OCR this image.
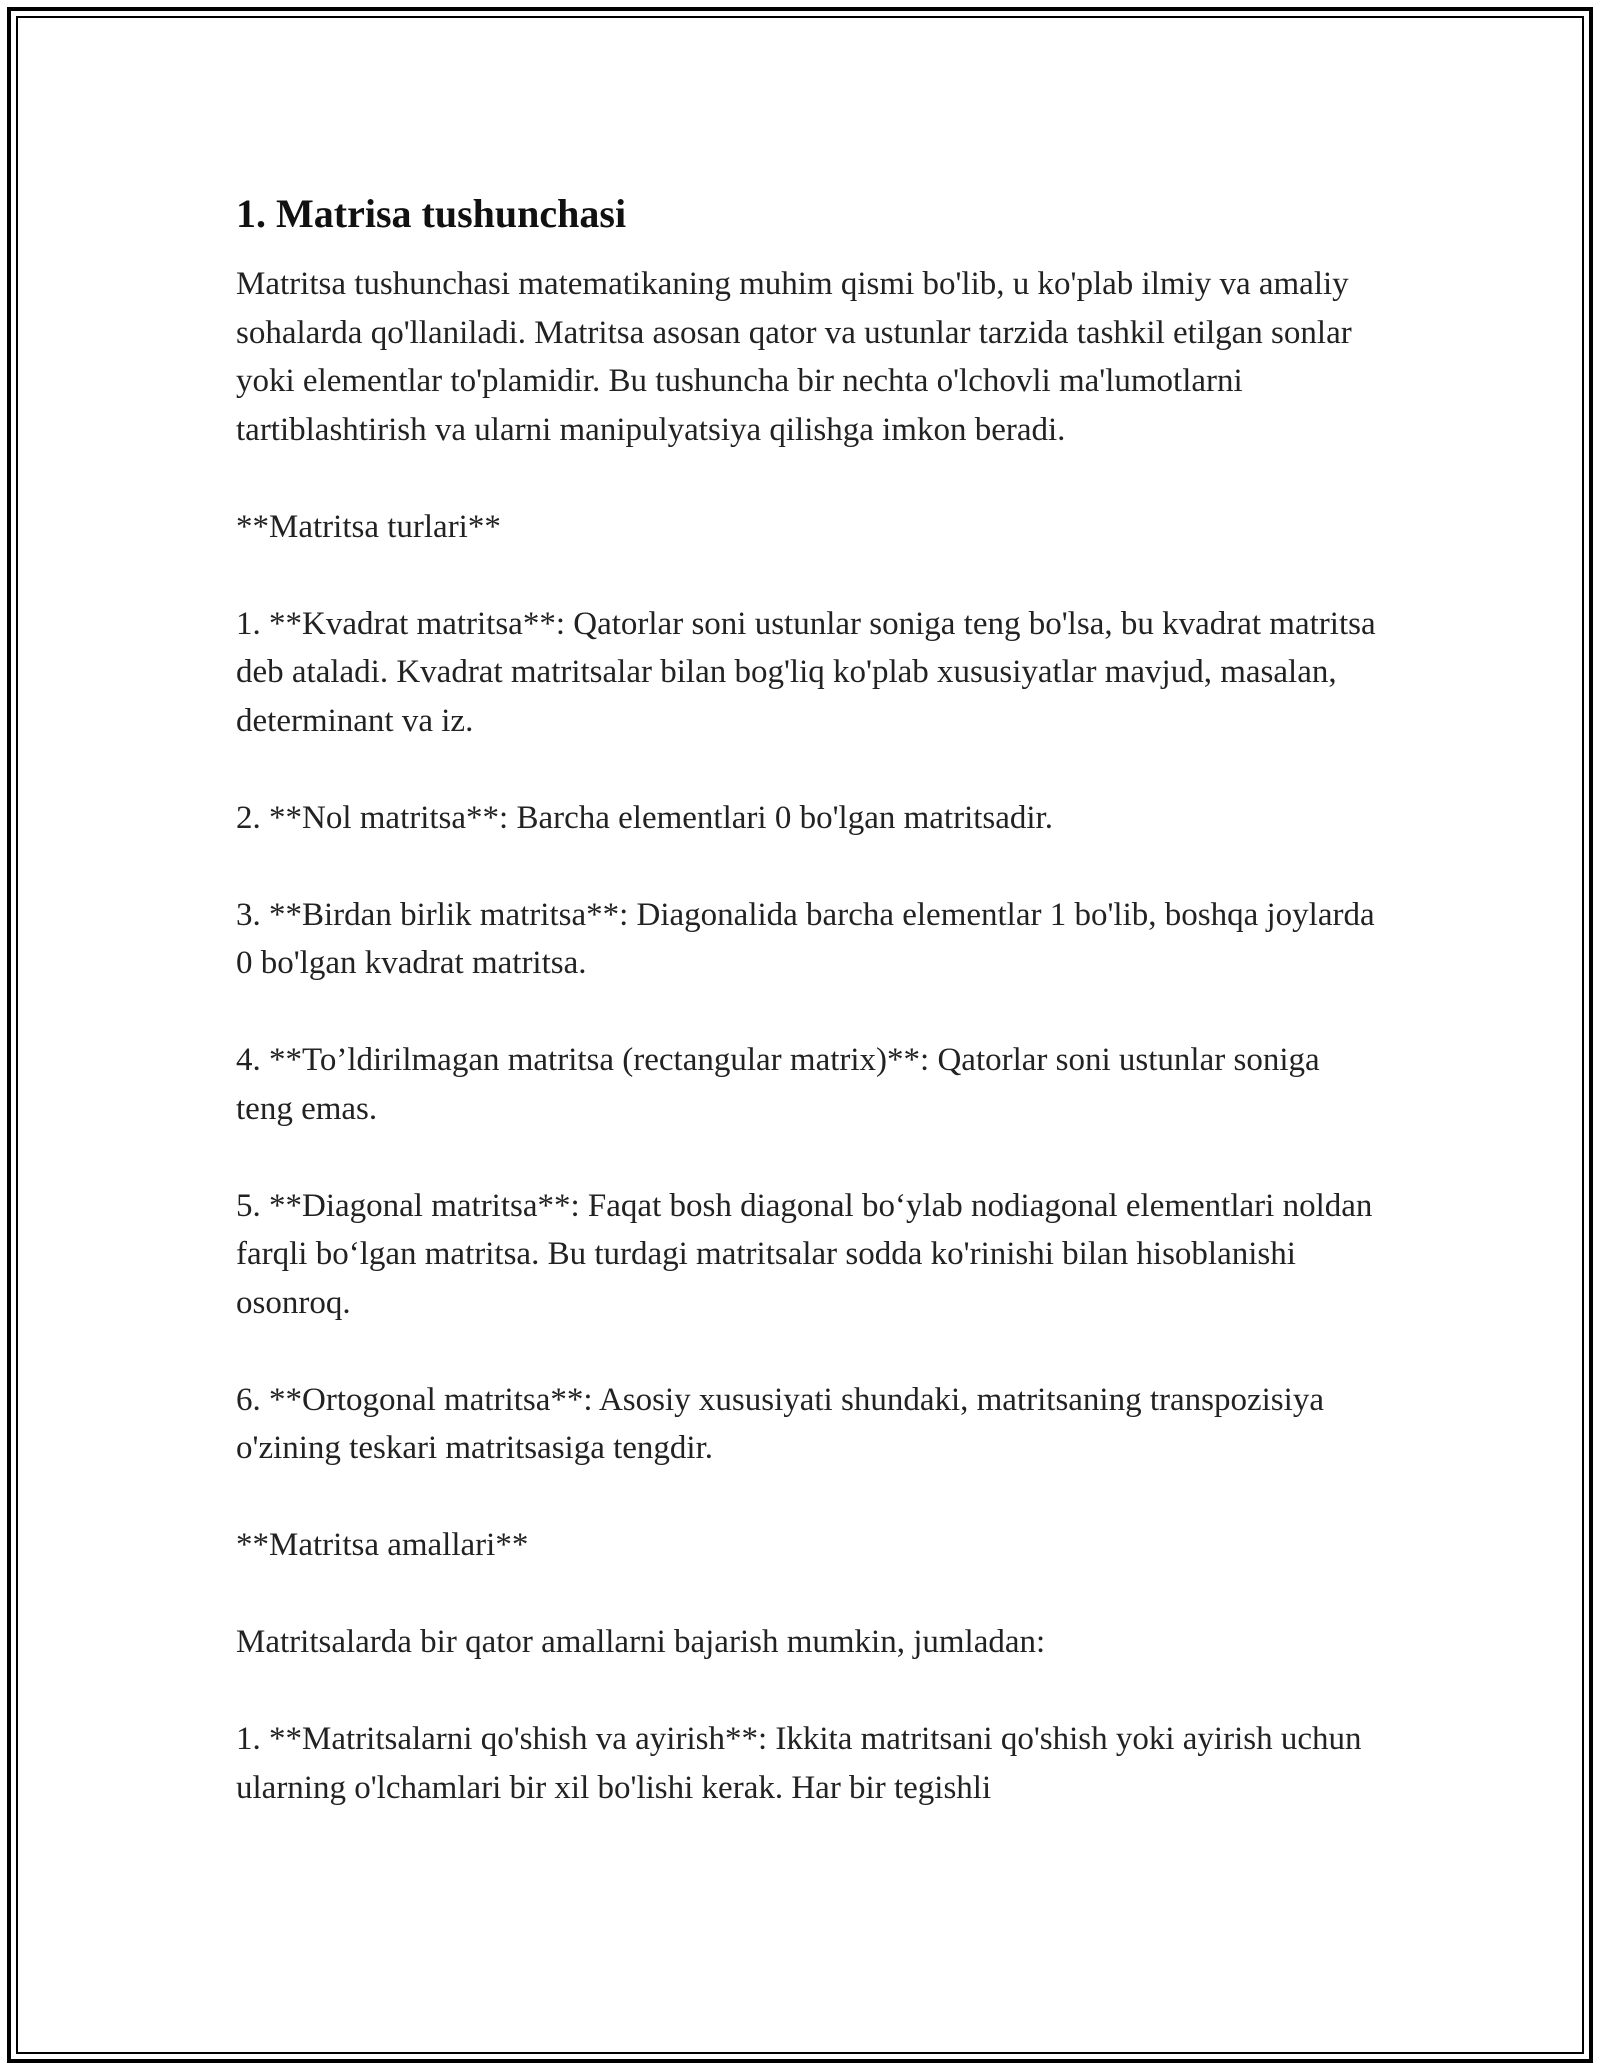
1. Matrisa tushunchasi

Matritsa tushunchasi matematikaning muhim qismi bo'lib, u ko'plab ilmiy va amaliy sohalarda qo'llaniladi. Matritsa asosan qator va ustunlar tarzida tashkil etilgan sonlar yoki elementlar to'plamidir. Bu tushuncha bir nechta o'lchovli ma'lumotlarni tartiblashtirish va ularni manipulyatsiya qilishga imkon beradi.

**Matritsa turlari**

1. **Kvadrat matritsa**: Qatorlar soni ustunlar soniga teng bo'lsa, bu kvadrat matritsa deb ataladi. Kvadrat matritsalar bilan bog'liq ko'plab xususiyatlar mavjud, masalan, determinant va iz.

2. **Nol matritsa**: Barcha elementlari 0 bo'lgan matritsadir.

3. **Birdan birlik matritsa**: Diagonalida barcha elementlar 1 bo'lib, boshqa joylarda 0 bo'lgan kvadrat matritsa.

4. **To’ldirilmagan matritsa (rectangular matrix)**: Qatorlar soni ustunlar soniga teng emas.

5. **Diagonal matritsa**: Faqat bosh diagonal bo‘ylab nodiagonal elementlari noldan farqli bo‘lgan matritsa. Bu turdagi matritsalar sodda ko'rinishi bilan hisoblanishi osonroq.

6. **Ortogonal matritsa**: Asosiy xususiyati shundaki, matritsaning transpozisiya o'zining teskari matritsasiga tengdir.

**Matritsa amallari**

Matritsalarda bir qator amallarni bajarish mumkin, jumladan:

1. **Matritsalarni qo'shish va ayirish**: Ikkita matritsani qo'shish yoki ayirish uchun ularning o'lchamlari bir xil bo'lishi kerak. Har bir tegishli
